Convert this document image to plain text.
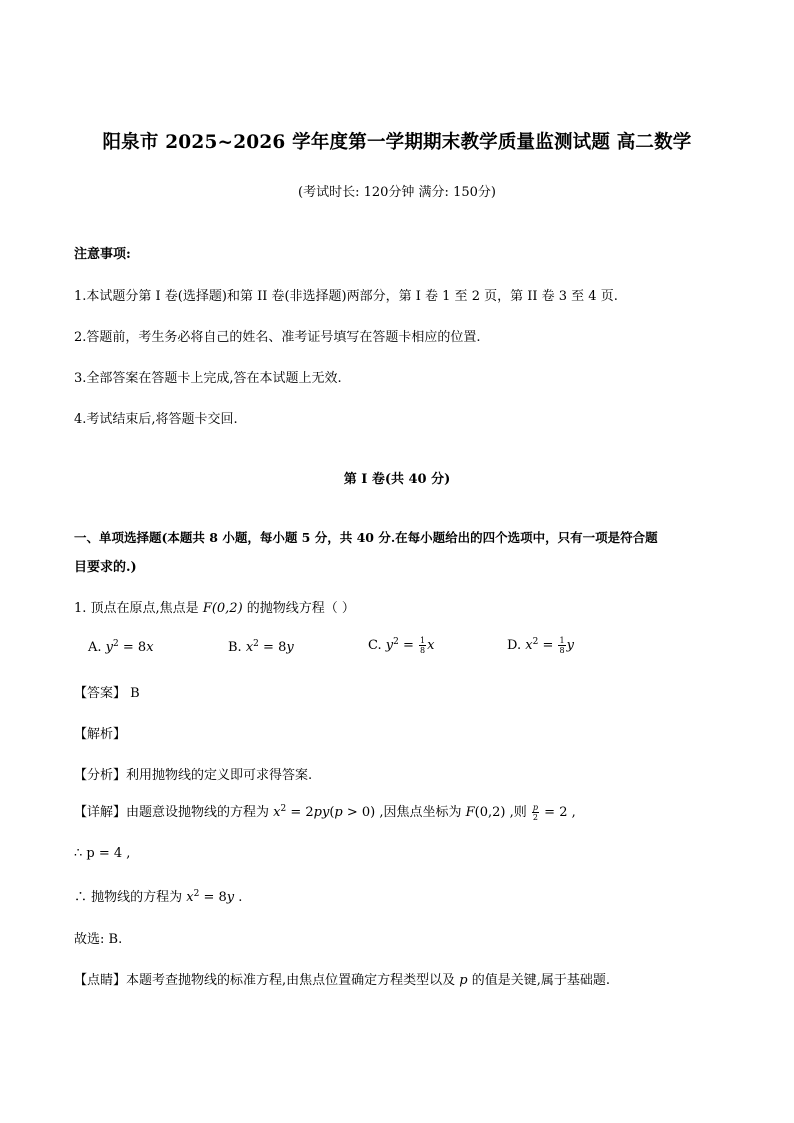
阳泉市 2025~2026 学年度第一学期期末教学质量监测试题 高二数学
(考试时长: 120分钟 满分: 150分)
注意事项:
1.本试题分第 I 卷(选择题)和第 II 卷(非选择题)两部分，第 I 卷 1 至 2 页，第 II 卷 3 至 4 页.
2.答题前，考生务必将自己的姓名、准考证号填写在答题卡相应的位置.
3.全部答案在答题卡上完成,答在本试题上无效.
4.考试结束后,将答题卡交回.
第 I 卷(共 40 分)
一、单项选择题(本题共 8 小题，每小题 5 分，共 40 分.在每小题给出的四个选项中，只有一项是符合题
目要求的.)
1. 顶点在原点,焦点是 F(0,2) 的抛物线方程（ ）
A. $y^2 = 8x$	B. $x^2 = 8y$	C. $y^2 = \frac{1}{8}$ x	D. $x^2 = \frac{1}{8}$ y
【答案】 B
【解析】
【分析】利用抛物线的定义即可求得答案.
【详解】由题意设抛物线的方程为 $x^2 = 2py(p > 0)$ ,因焦点坐标为 F(0,2) ,则 $\frac{p}{2} = 2$ ,
∴ p = 4 ,
∴ 抛物线的方程为 $x^2 = 8y$ .
故选: B.
【点睛】本题考查抛物线的标准方程,由焦点位置确定方程类型以及 p 的值是关键,属于基础题.
